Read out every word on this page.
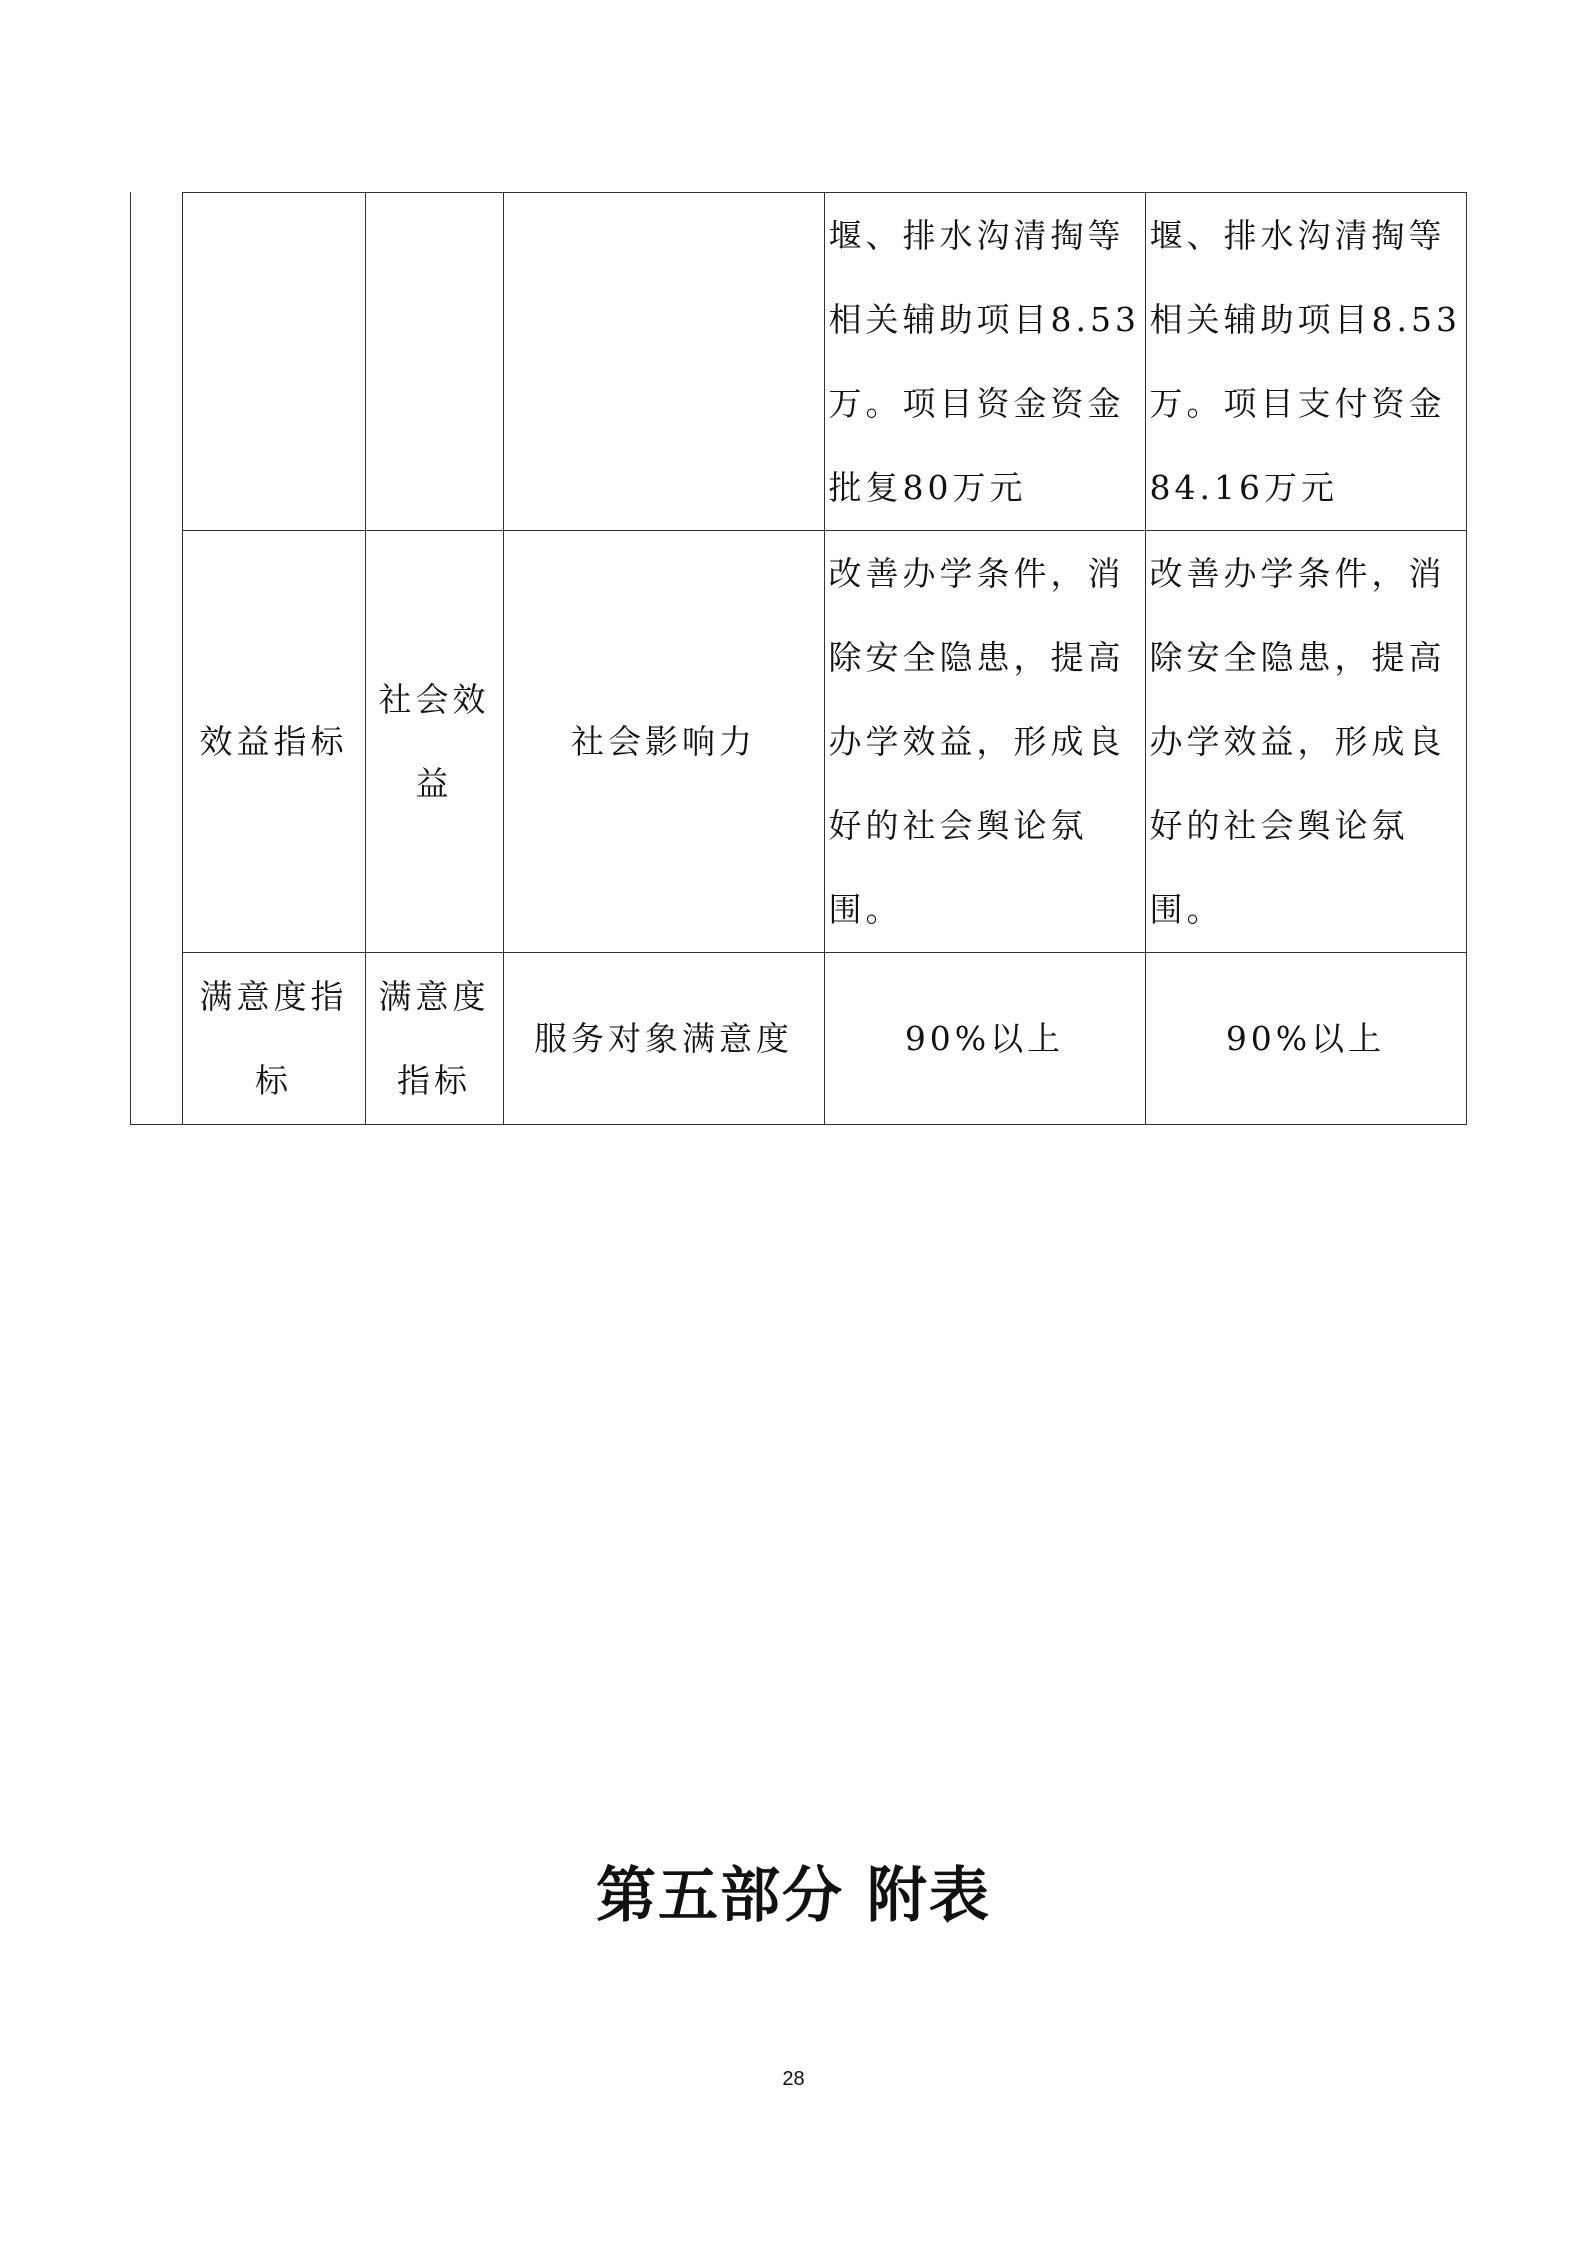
				堰、排水沟清掏等相关辅助项目8.53万。项目资金资金批复80万元	堰、排水沟清掏等相关辅助项目8.53万。项目支付资金84.16万元

	效益指标	社会效益	社会影响力	改善办学条件，消除安全隐患，提高办学效益，形成良好的社会舆论氛围。	改善办学条件，消除安全隐患，提高办学效益，形成良好的社会舆论氛围。

	满意度指标	满意度指标	服务对象满意度	90%以上	90%以上
第五部分 附表
28
